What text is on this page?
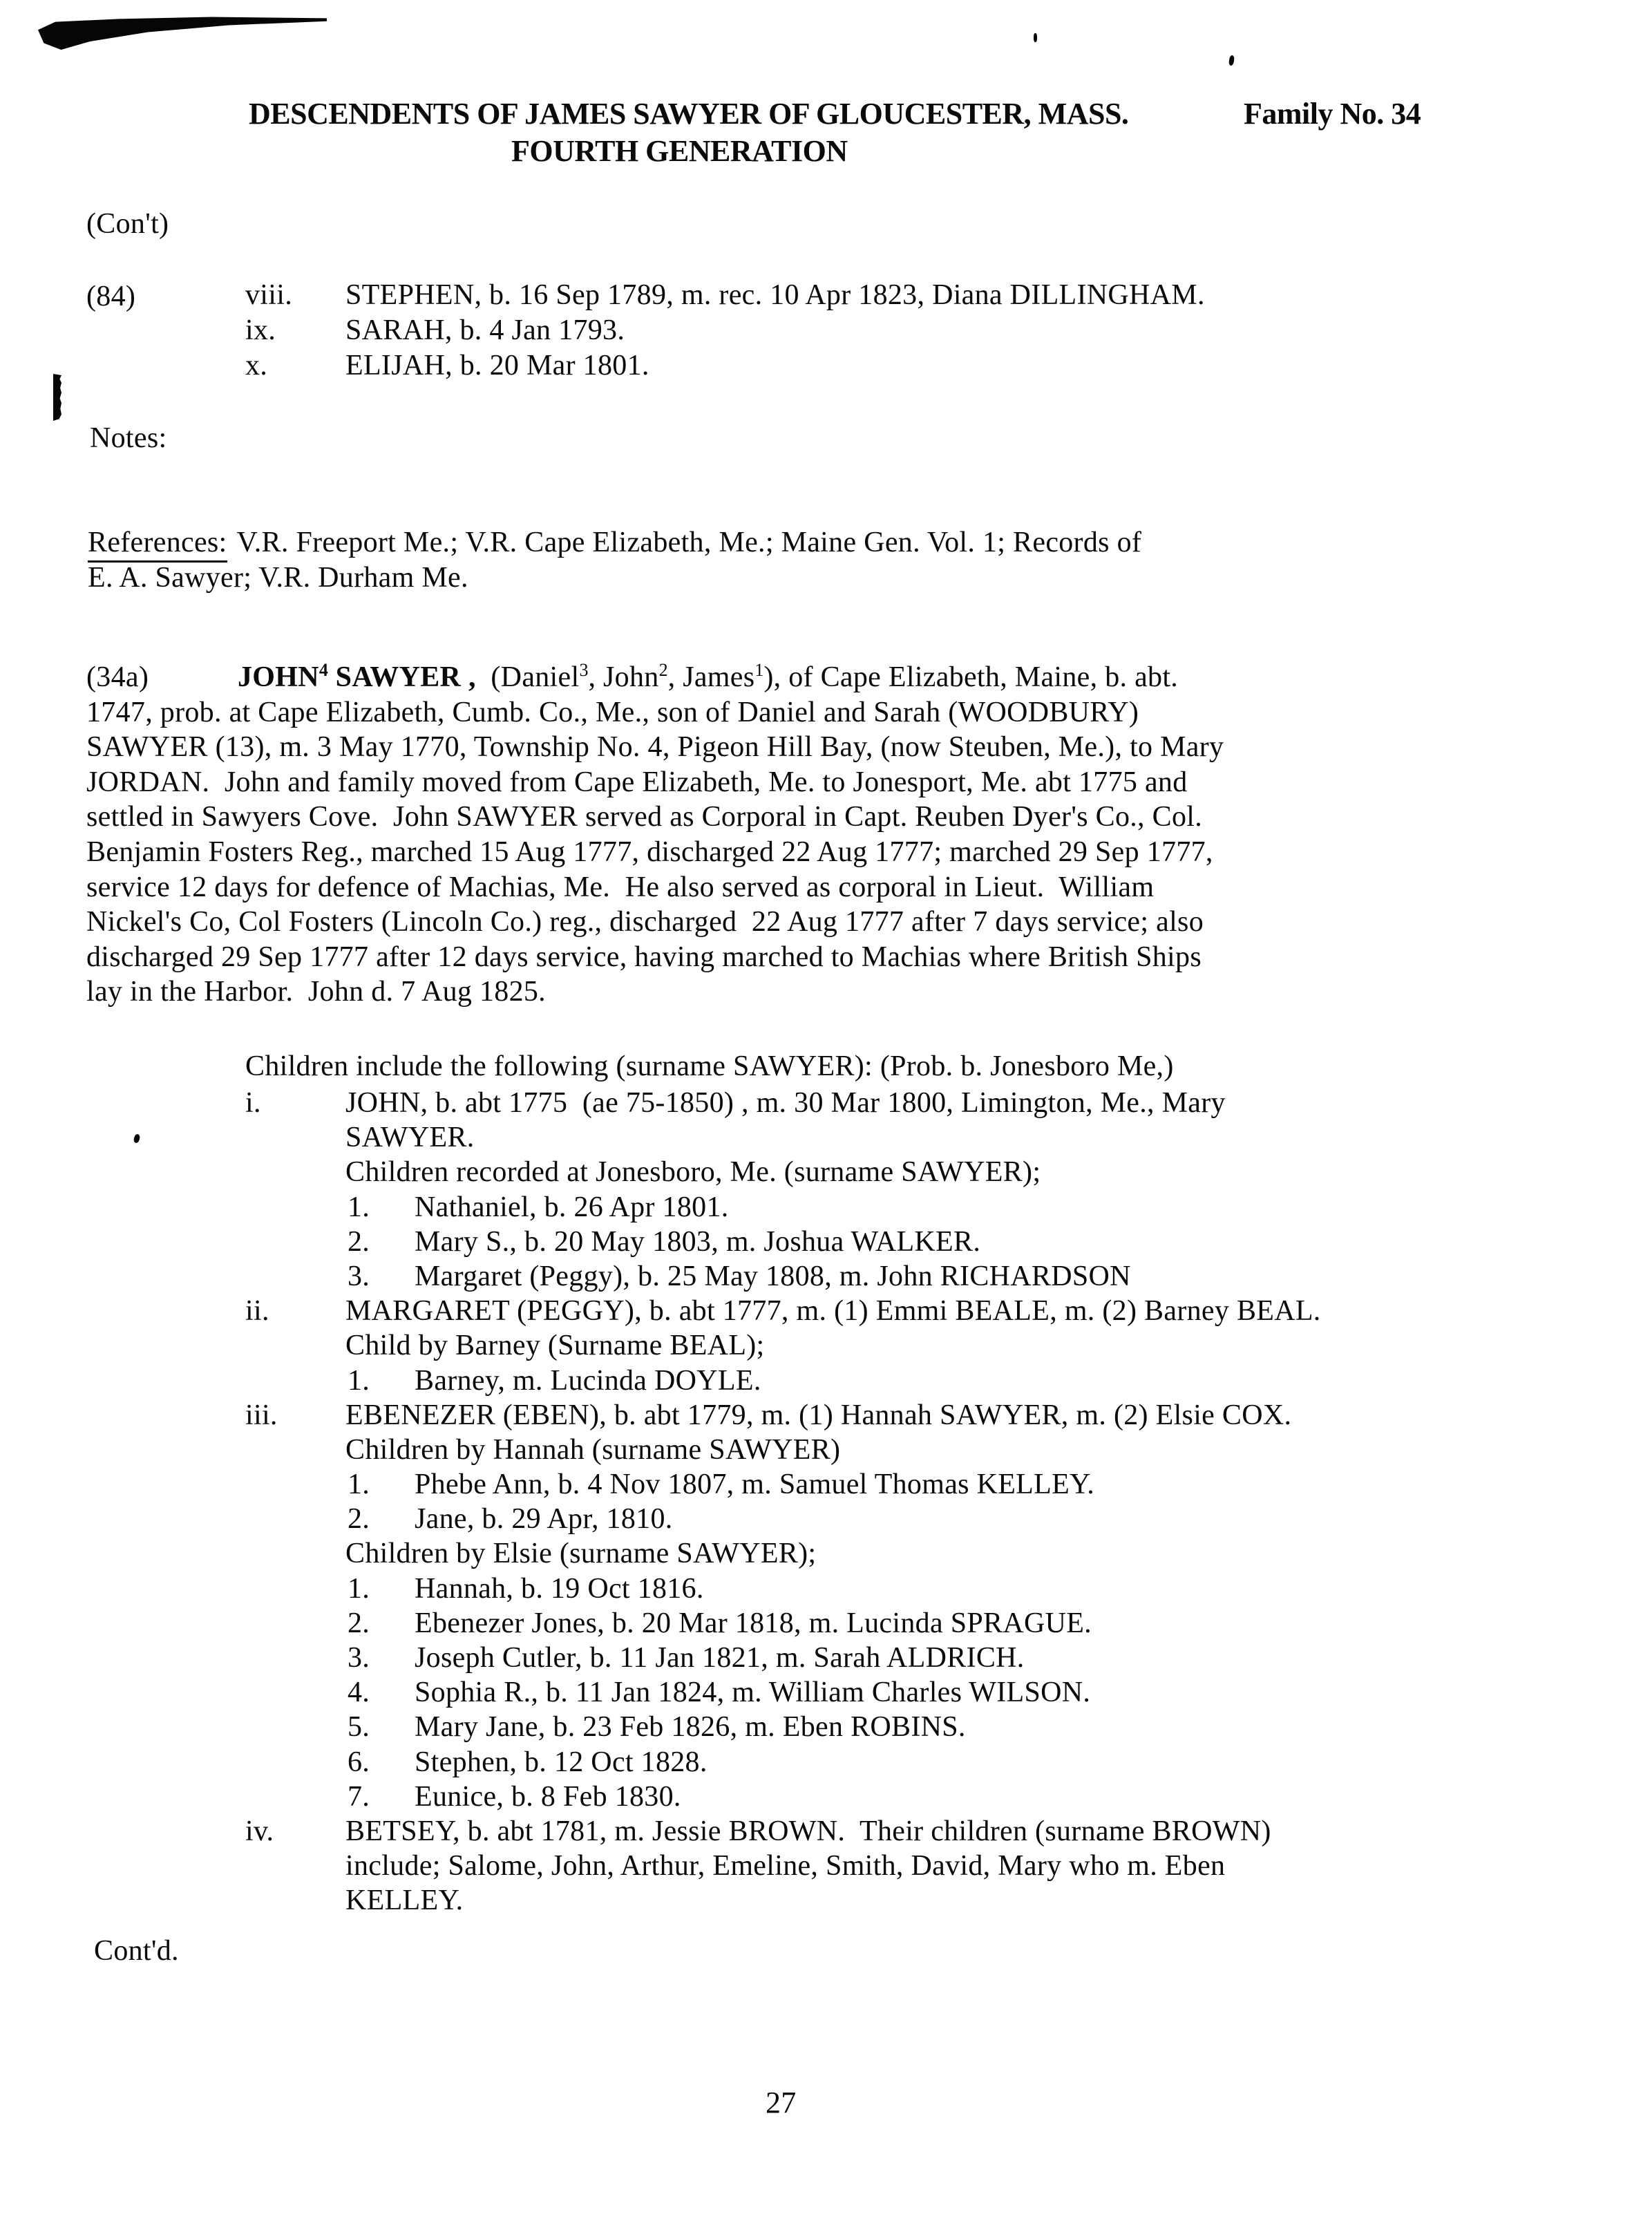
DESCENDENTS OF JAMES SAWYER OF GLOUCESTER, MASS.	Family No. 34
FOURTH GENERATION
(Con't)
(84)	viii. STEPHEN, b. 16 Sep 1789, m. rec. 10 Apr 1823, Diana DILLINGHAM.
ix. SARAH, b. 4 Jan 1793.
x.	ELIJAH, b. 20 Mar 1801.
Notes:
References: V.R. Freeport Me.; V.R. Cape Elizabeth, Me.; Maine Gen. Vol. 1; Records of
E. A. Sawyer; V.R. Durham Me.
(34a)	JOHN$^4$ SAWYER ,  (Daniel$^3$, John$^2$, James$^1$), of Cape Elizabeth, Maine, b. abt.
1747, prob. at Cape Elizabeth, Cumb. Co., Me., son of Daniel and Sarah (WOODBURY)
SAWYER (13), m. 3 May 1770, Township No. 4, Pigeon Hill Bay, (now Steuben, Me.), to Mary
JORDAN.  John and family moved from Cape Elizabeth, Me. to Jonesport, Me. abt 1775 and
settled in Sawyers Cove.  John SAWYER served as Corporal in Capt. Reuben Dyer's Co., Col.
Benjamin Fosters Reg., marched 15 Aug 1777, discharged 22 Aug 1777; marched 29 Sep 1777,
service 12 days for defence of Machias, Me.  He also served as corporal in Lieut.  William
Nickel's Co, Col Fosters (Lincoln Co.) reg., discharged  22 Aug 1777 after 7 days service; also
discharged 29 Sep 1777 after 12 days service, having marched to Machias where British Ships
lay in the Harbor.  John d. 7 Aug 1825.
Children include the following (surname SAWYER): (Prob. b. Jonesboro Me,)
i.	JOHN, b. abt 1775  (ae 75-1850) , m. 30 Mar 1800, Limington, Me., Mary
SAWYER.
Children recorded at Jonesboro, Me. (surname SAWYER);
1. Nathaniel, b. 26 Apr 1801.
2. Mary S., b. 20 May 1803, m. Joshua WALKER.
3. Margaret (Peggy), b. 25 May 1808, m. John RICHARDSON
ii.	MARGARET (PEGGY), b. abt 1777, m. (1) Emmi BEALE, m. (2) Barney BEAL.
Child by Barney (Surname BEAL);
1. Barney, m. Lucinda DOYLE.
iii. EBENEZER (EBEN), b. abt 1779, m. (1) Hannah SAWYER, m. (2) Elsie COX.
Children by Hannah (surname SAWYER)
1. Phebe Ann, b. 4 Nov 1807, m. Samuel Thomas KELLEY.
2. Jane, b. 29 Apr, 1810.
Children by Elsie (surname SAWYER);
1. Hannah, b. 19 Oct 1816.
2. Ebenezer Jones, b. 20 Mar 1818, m. Lucinda SPRAGUE.
3. Joseph Cutler, b. 11 Jan 1821, m. Sarah ALDRICH.
4. Sophia R., b. 11 Jan 1824, m. William Charles WILSON.
5. Mary Jane, b. 23 Feb 1826, m. Eben ROBINS.
6. Stephen, b. 12 Oct 1828.
7. Eunice, b. 8 Feb 1830.
iv. BETSEY, b. abt 1781, m. Jessie BROWN.  Their children (surname BROWN)
include; Salome, John, Arthur, Emeline, Smith, David, Mary who m. Eben
KELLEY.
Cont'd.
27
